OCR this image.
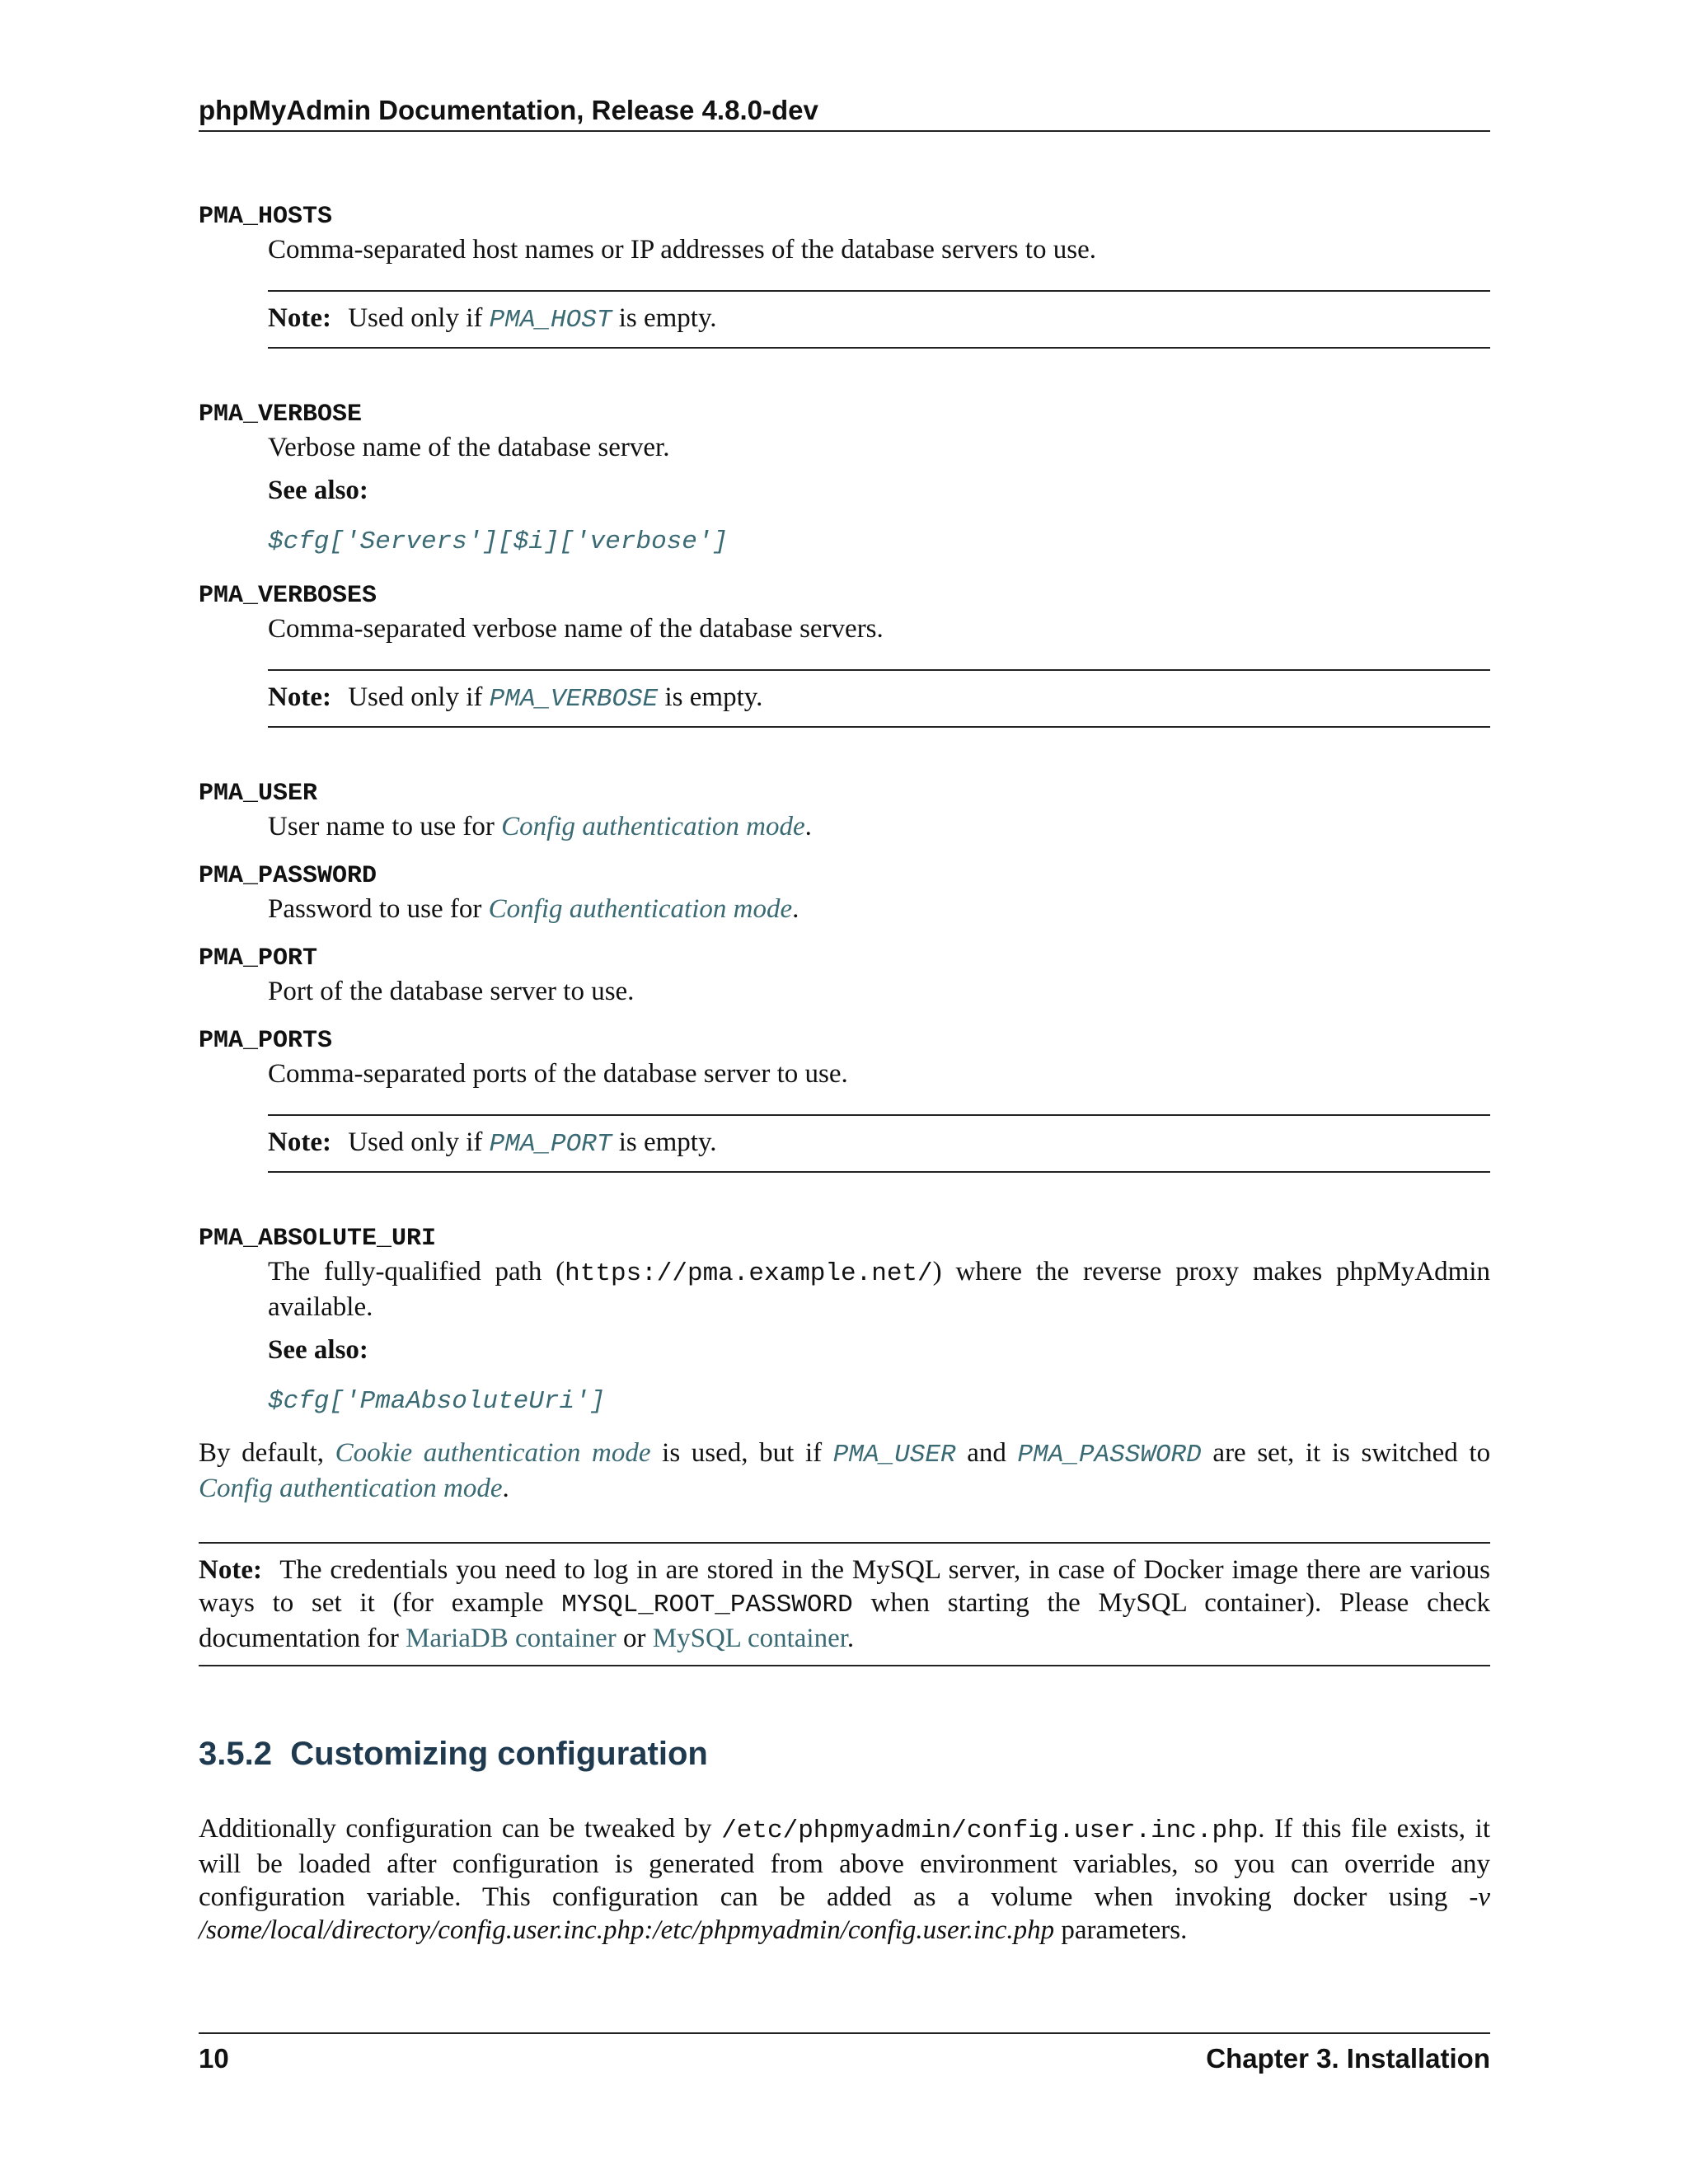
phpMyAdmin Documentation, Release 4.8.0-dev
PMA_HOSTS
Comma-separated host names or IP addresses of the database servers to use.
Note: Used only if PMA_HOST is empty.
PMA_VERBOSE
Verbose name of the database server.
See also:
$cfg['Servers'][$i]['verbose']
PMA_VERBOSES
Comma-separated verbose name of the database servers.
Note: Used only if PMA_VERBOSE is empty.
PMA_USER
User name to use for Config authentication mode.
PMA_PASSWORD
Password to use for Config authentication mode.
PMA_PORT
Port of the database server to use.
PMA_PORTS
Comma-separated ports of the database server to use.
Note: Used only if PMA_PORT is empty.
PMA_ABSOLUTE_URI
The fully-qualified path (https://pma.example.net/) where the reverse proxy makes phpMyAdmin available.
See also:
$cfg['PmaAbsoluteUri']
By default, Cookie authentication mode is used, but if PMA_USER and PMA_PASSWORD are set, it is switched to Config authentication mode.
Note: The credentials you need to log in are stored in the MySQL server, in case of Docker image there are various ways to set it (for example MYSQL_ROOT_PASSWORD when starting the MySQL container). Please check documentation for MariaDB container or MySQL container.
3.5.2 Customizing configuration
Additionally configuration can be tweaked by /etc/phpmyadmin/config.user.inc.php. If this file exists, it will be loaded after configuration is generated from above environment variables, so you can override any configuration variable. This configuration can be added as a volume when invoking docker using -v /some/local/directory/config.user.inc.php:/etc/phpmyadmin/config.user.inc.php parameters.
10	Chapter 3. Installation
